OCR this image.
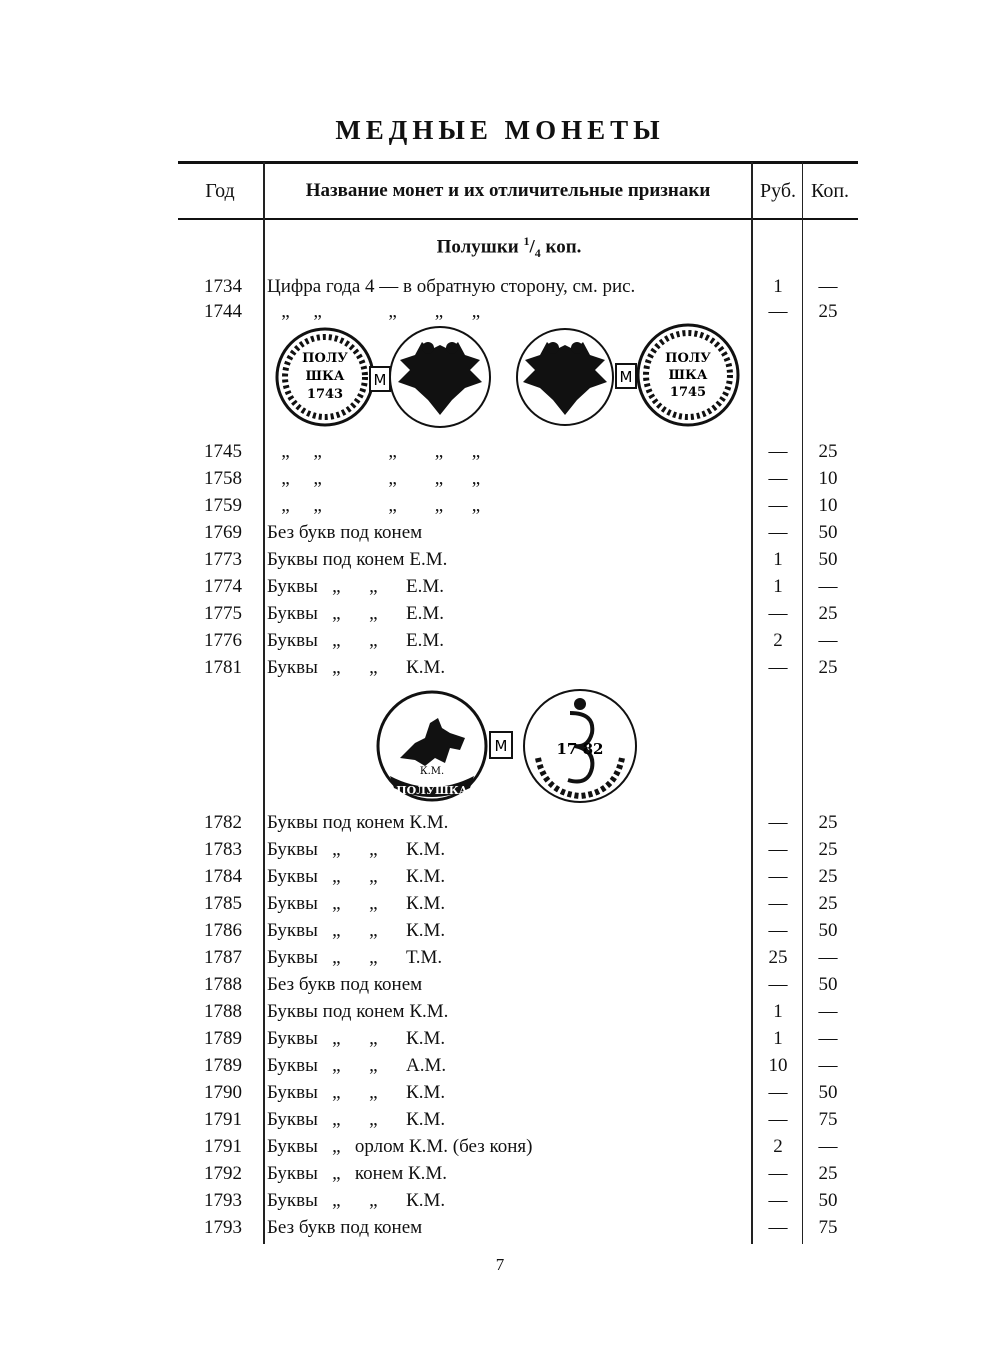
МЕДНЫЕ МОНЕТЫ
Год	Название монет и их отличительные признаки	Руб. Коп.
Полушки $^1/_4$ коп.
1734 Цифра года 4 — в обратную сторону, см. рис.	1	—
1744 „     „              „        „      „	—	25
1745 „     „              „        „      „	—	25
1758 „     „              „        „      „	—	10
1759 „     „              „        „      „	—	10
1769 Без букв под конем	—	50
1773 Буквы под конем Е.М.	1	50
1774 Буквы   „      „      Е.М.	1	—
1775 Буквы   „      „      Е.М.	—	25
1776 Буквы   „      „      Е.М.	2	—
1781 Буквы   „      „      К.М.	—	25
1782 Буквы под конем К.М.	—	25
1783 Буквы   „      „      К.М.	—	25
1784 Буквы   „      „      К.М.	—	25
1785 Буквы   „      „      К.М.	—	25
1786 Буквы   „      „      К.М.	—	50
1787 Буквы   „      „      Т.М.	25	—
1788 Без букв под конем	—	50
1788 Буквы под конем К.М.	1	—
1789 Буквы   „      „      К.М.	1	—
1789 Буквы   „      „      А.М.	10	—
1790 Буквы   „      „      К.М.	—	50
1791 Буквы   „      „      К.М.	—	75
1791 Буквы   „   орлом К.М. (без коня)	2	—
1792 Буквы   „   конем К.М.	—	25
1793 Буквы   „      „      К.М.	—	50
1793 Без букв под конем	—	75
ПОЛУ
ШКА
1743
М	М
ПОЛУ
ШКА
1745
ПОЛУШКА
К.М.
М	17 82
7
